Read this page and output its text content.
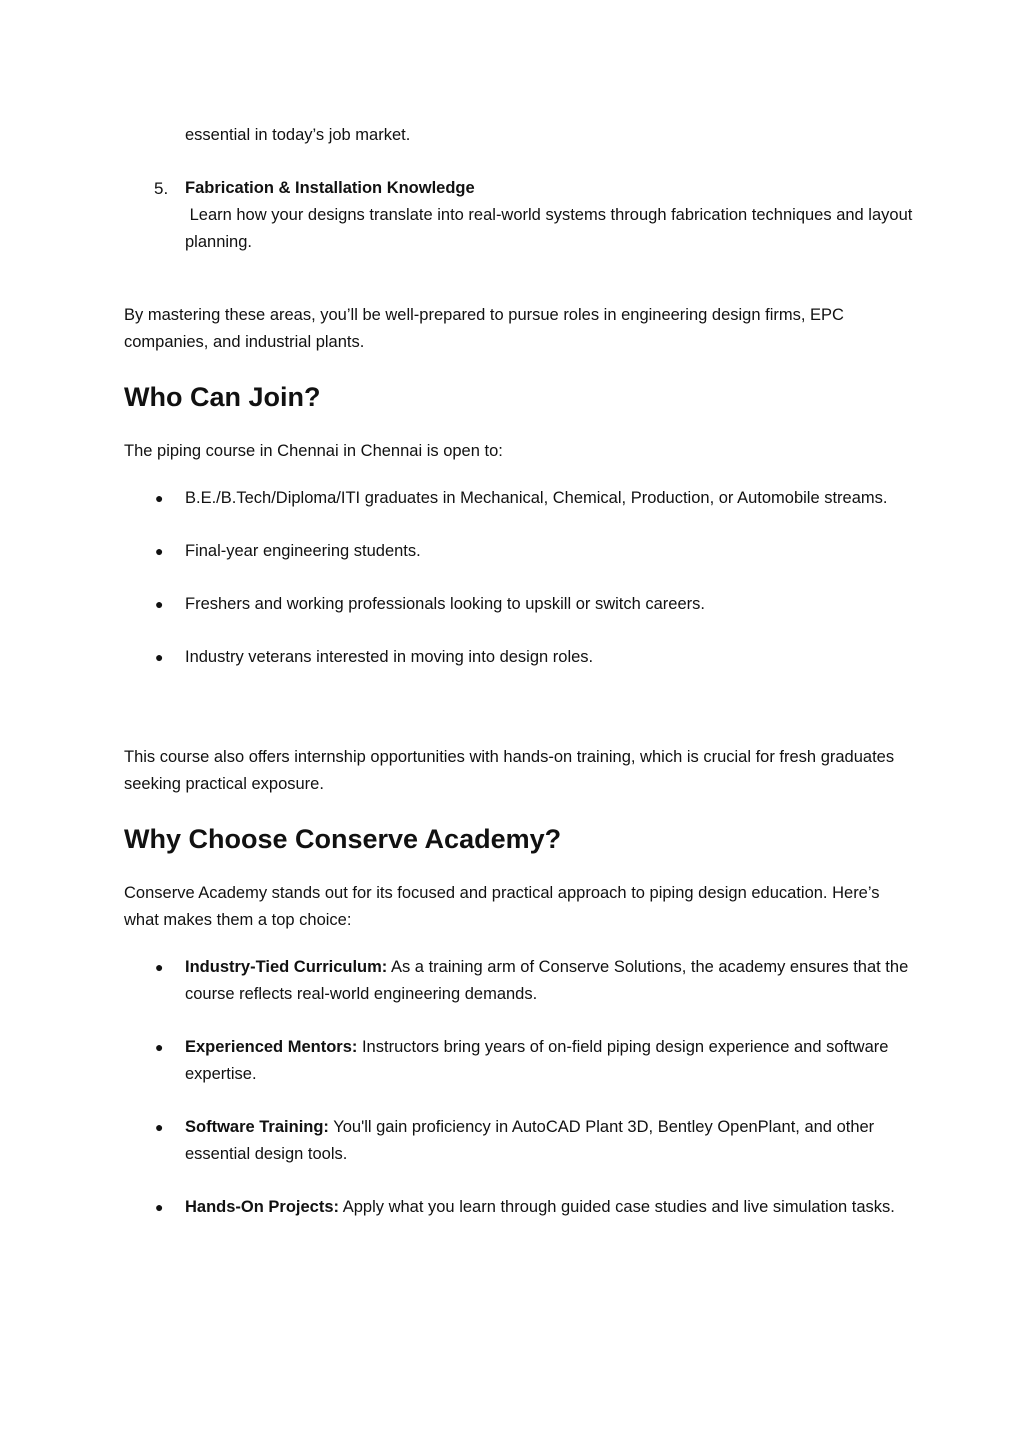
essential in today’s job market.
5. Fabrication & Installation Knowledge
Learn how your designs translate into real-world systems through fabrication techniques and layout planning.
By mastering these areas, you’ll be well-prepared to pursue roles in engineering design firms, EPC companies, and industrial plants.
Who Can Join?
The piping course in Chennai in Chennai is open to:
● B.E./B.Tech/Diploma/ITI graduates in Mechanical, Chemical, Production, or Automobile streams.
● Final-year engineering students.
● Freshers and working professionals looking to upskill or switch careers.
● Industry veterans interested in moving into design roles.
This course also offers internship opportunities with hands-on training, which is crucial for fresh graduates seeking practical exposure.
Why Choose Conserve Academy?
Conserve Academy stands out for its focused and practical approach to piping design education. Here’s what makes them a top choice:
● Industry-Tied Curriculum: As a training arm of Conserve Solutions, the academy ensures that the course reflects real-world engineering demands.
● Experienced Mentors: Instructors bring years of on-field piping design experience and software expertise.
● Software Training: You'll gain proficiency in AutoCAD Plant 3D, Bentley OpenPlant, and other essential design tools.
● Hands-On Projects: Apply what you learn through guided case studies and live simulation tasks.
